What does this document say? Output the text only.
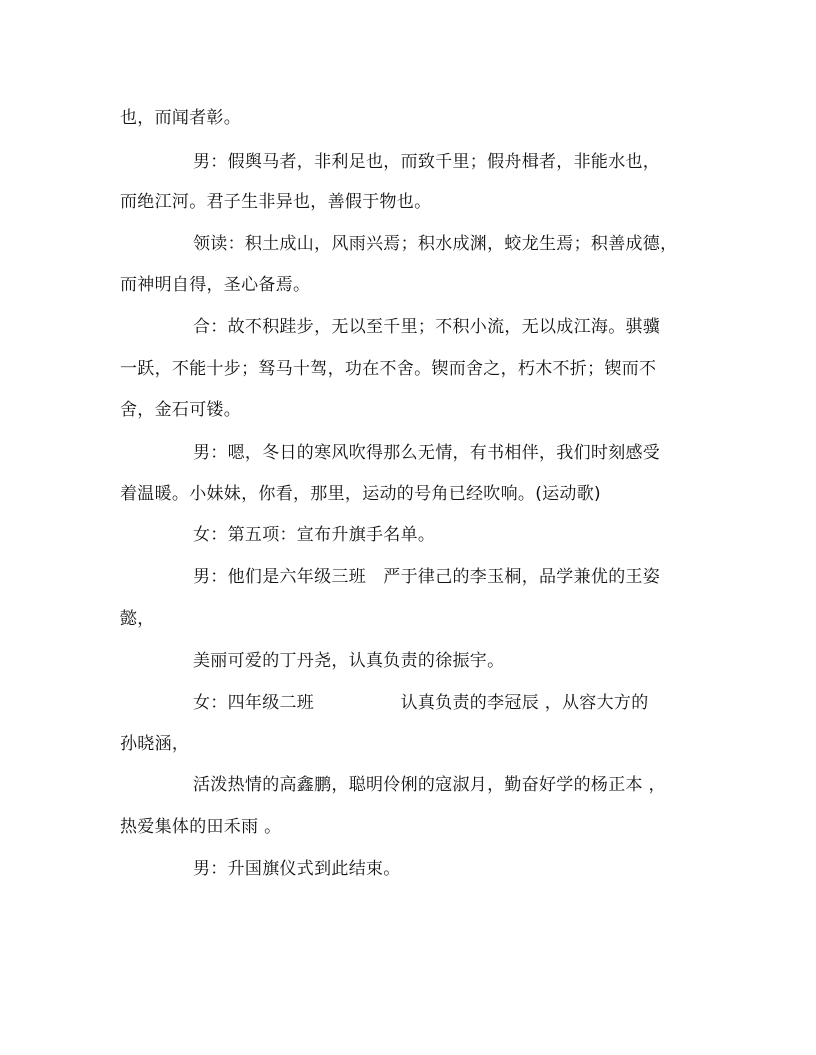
也，而闻者彰。
男：假舆马者，非利足也，而致千里；假舟楫者，非能水也，
而绝江河。君子生非异也，善假于物也。
领读：积土成山，风雨兴焉；积水成渊，蛟龙生焉；积善成德，
而神明自得，圣心备焉。
合：故不积跬步，无以至千里；不积小流，无以成江海。骐骥
一跃，不能十步；驽马十驾，功在不舍。锲而舍之，朽木不折；锲而不
舍，金石可镂。
男：嗯，冬日的寒风吹得那么无情，有书相伴，我们时刻感受
着温暖。小妹妹，你看，那里，运动的号角已经吹响。(运动歌)
女：第五项：宣布升旗手名单。
男：他们是六年级三班　严于律己的李玉桐，品学兼优的王姿
懿，
美丽可爱的丁丹尧，认真负责的徐振宇。
女：四年级二班　　　　　认真负责的李冠辰 ，从容大方的
孙晓涵，
活泼热情的高鑫鹏，聪明伶俐的寇淑月，勤奋好学的杨正本 ，
热爱集体的田禾雨 。
男：升国旗仪式到此结束。
